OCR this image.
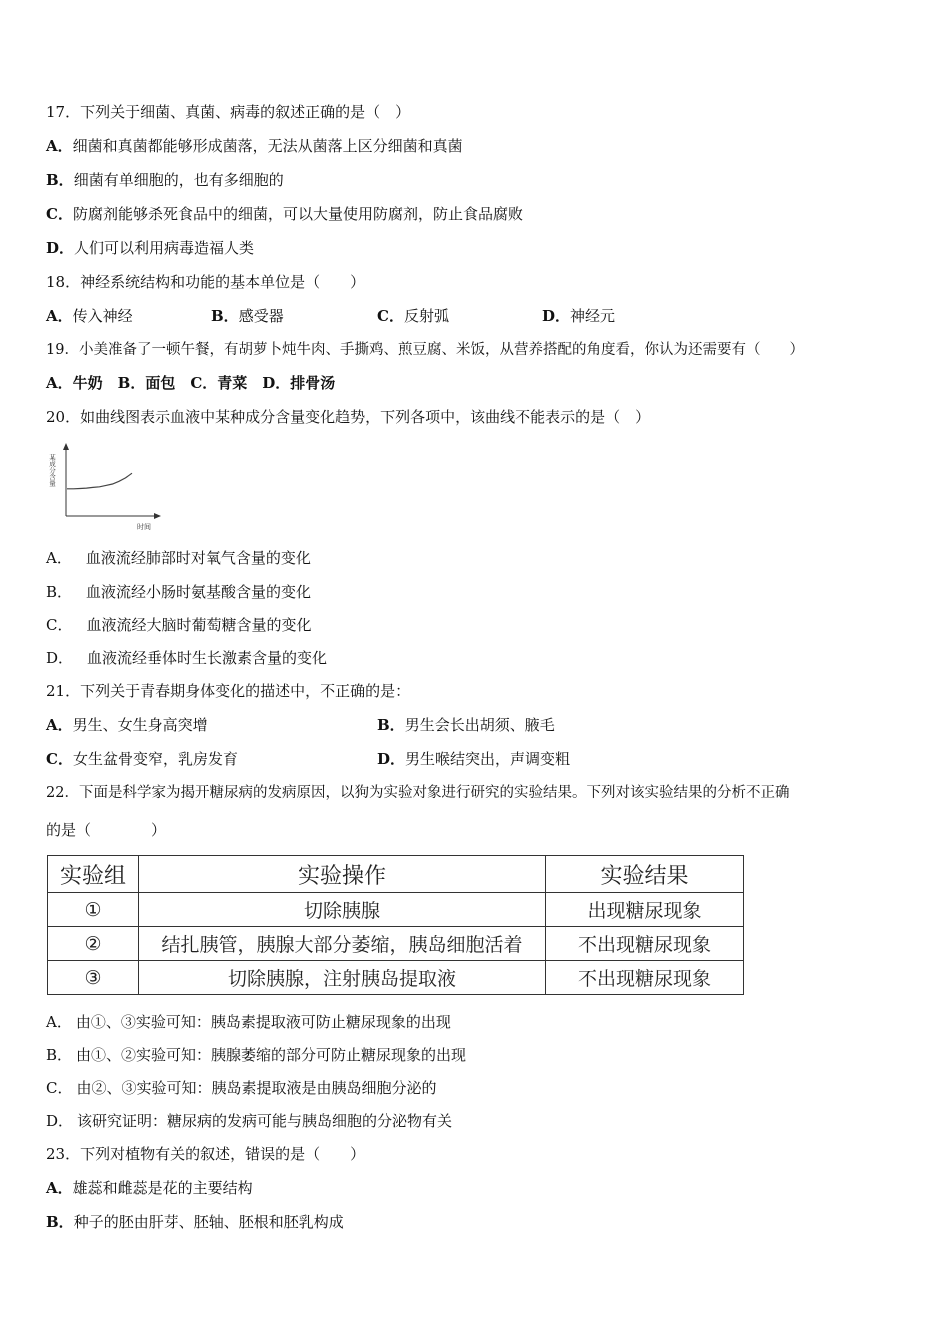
17．下列关于细菌、真菌、病毒的叙述正确的是（　）
A．细菌和真菌都能够形成菌落，无法从菌落上区分细菌和真菌
B．细菌有单细胞的，也有多细胞的
C．防腐剂能够杀死食品中的细菌，可以大量使用防腐剂，防止食品腐败
D．人们可以利用病毒造福人类
18．神经系统结构和功能的基本单位是（　　）
A．传入神经	B．感受器	C．反射弧	D．神经元
19．小美准备了一顿午餐，有胡萝卜炖牛肉、手撕鸡、煎豆腐、米饭，从营养搭配的角度看，你认为还需要有（　　）
A．牛奶　B．面包　C．青菜　D．排骨汤
20．如曲线图表示血液中某种成分含量变化趋势，下列各项中，该曲线不能表示的是（　）
某成分含量
时间
A． 血液流经肺部时对氧气含量的变化
B． 血液流经小肠时氨基酸含量的变化
C． 血液流经大脑时葡萄糖含量的变化
D． 血液流经垂体时生长激素含量的变化
21．下列关于青春期身体变化的描述中，不正确的是：
A．男生、女生身高突增	B．男生会长出胡须、腋毛
C．女生盆骨变窄，乳房发育	D．男生喉结突出，声调变粗
22．下面是科学家为揭开糖尿病的发病原因，以狗为实验对象进行研究的实验结果。下列对该实验结果的分析不正确
的是（　　　　）
实验组	实验操作	实验结果
①	切除胰腺	出现糖尿现象
②	结扎胰管，胰腺大部分萎缩，胰岛细胞活着	不出现糖尿现象
③	切除胰腺，注射胰岛提取液	不出现糖尿现象
A． 由①、③实验可知：胰岛素提取液可防止糖尿现象的出现
B． 由①、②实验可知：胰腺萎缩的部分可防止糖尿现象的出现
C． 由②、③实验可知：胰岛素提取液是由胰岛细胞分泌的
D． 该研究证明：糖尿病的发病可能与胰岛细胞的分泌物有关
23．下列对植物有关的叙述，错误的是（　　）
A．雄蕊和雌蕊是花的主要结构
B．种子的胚由肝芽、胚轴、胚根和胚乳构成
